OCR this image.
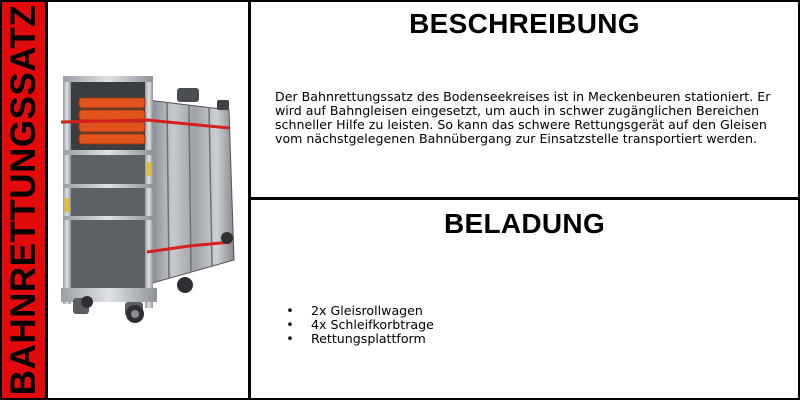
BAHNRETTUNGSSATZ	BESCHREIBUNG

Der Bahnrettungssatz des Bodenseekreises ist in Meckenbeuren stationiert. Er wird auf Bahngleisen eingesetzt, um auch in schwer zugänglichen Bereichen schneller Hilfe zu leisten. So kann das schwere Rettungsgerät auf den Gleisen vom nächstgelegenen Bahnübergang zur Einsatzstelle transportiert werden.

BELADUNG
• 2x Gleisrollwagen
• 4x Schleifkorbtrage
• Rettungsplattform
